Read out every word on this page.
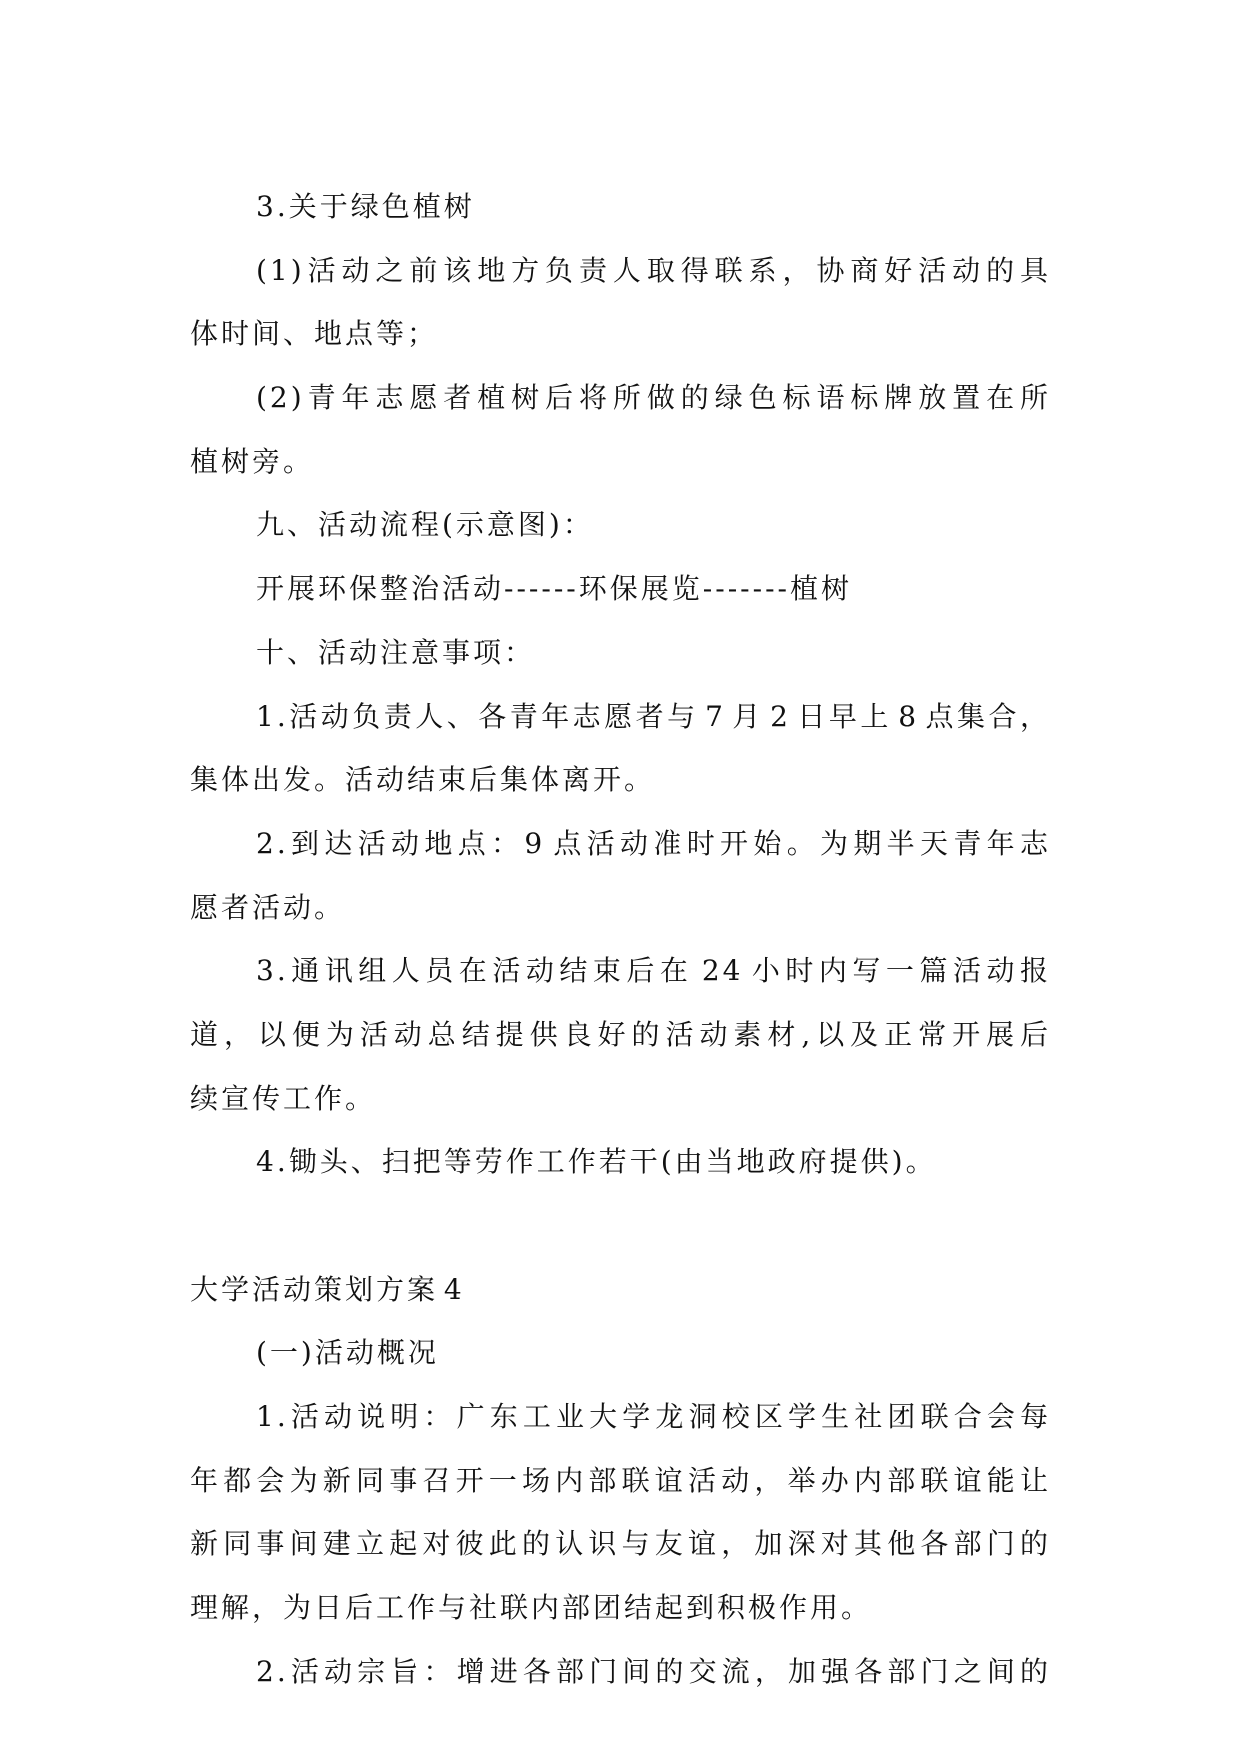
3.关于绿色植树
(1)活动之前该地方负责人取得联系，协商好活动的具
体时间、地点等；
(2)青年志愿者植树后将所做的绿色标语标牌放置在所
植树旁。
九、活动流程(示意图)：
开展环保整治活动------环保展览-------植树
十、活动注意事项：
1.活动负责人、各青年志愿者与 7 月 2 日早上 8 点集合，
集体出发。活动结束后集体离开。
2.到达活动地点：9 点活动准时开始。为期半天青年志
愿者活动。
3.通讯组人员在活动结束后在 24 小时内写一篇活动报
道，以便为活动总结提供良好的活动素材,以及正常开展后
续宣传工作。
4.锄头、扫把等劳作工作若干(由当地政府提供)。
大学活动策划方案 4
(一)活动概况
1.活动说明：广东工业大学龙洞校区学生社团联合会每
年都会为新同事召开一场内部联谊活动，举办内部联谊能让
新同事间建立起对彼此的认识与友谊，加深对其他各部门的
理解，为日后工作与社联内部团结起到积极作用。
2.活动宗旨：增进各部门间的交流，加强各部门之间的
